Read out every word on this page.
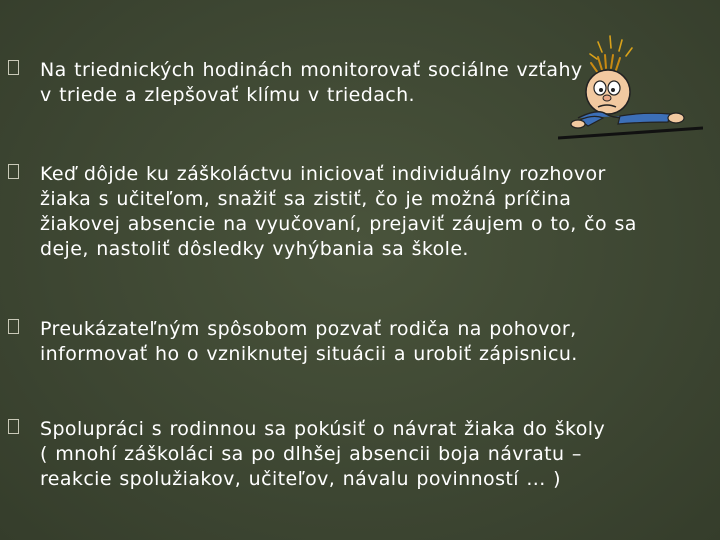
Na triednických hodinách monitorovať sociálne vzťahy
v triede a zlepšovať klímu v triedach.
Keď dôjde ku záškoláctvu iniciovať individuálny rozhovor
žiaka s učiteľom, snažiť sa zistiť, čo je možná príčina
žiakovej absencie na vyučovaní, prejaviť záujem o to, čo sa
deje, nastoliť dôsledky vyhýbania sa škole.
Preukázateľným spôsobom pozvať rodiča na pohovor,
informovať ho o vzniknutej situácii a urobiť zápisnicu.
Spolupráci s rodinnou sa pokúsiť o návrat žiaka do školy
( mnohí záškoláci sa po dlhšej absencii boja návratu –
reakcie spolužiakov, učiteľov, návalu povinností ... )
